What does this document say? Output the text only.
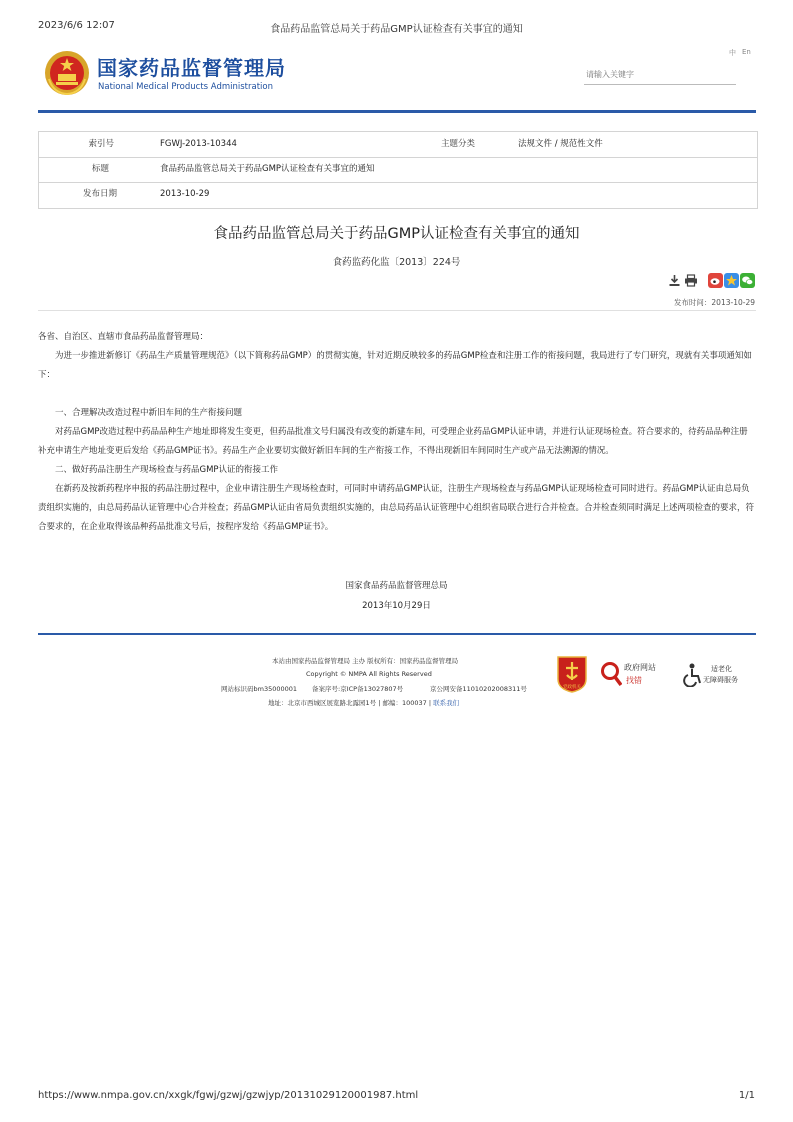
2023/6/6 12:07	食品药品监管总局关于药品GMP认证检查有关事宜的通知
国家药品监督管理局
National Medical Products Administration
中 En
请输入关键字
索引号	FGWJ-2013-10344	主题分类	法规文件 / 规范性文件
标题	食品药品监管总局关于药品GMP认证检查有关事宜的通知
发布日期	2013-10-29
食品药品监管总局关于药品GMP认证检查有关事宜的通知
食药监药化监〔2013〕224号
发布时间：2013-10-29

各省、自治区、直辖市食品药品监督管理局：

为进一步推进新修订《药品生产质量管理规范》（以下简称药品GMP）的贯彻实施，针对近期反映较多的药品GMP检查和注册工作的衔接问题，我局进行了专门研究，现就有关事项通知如下：

一、合理解决改造过程中新旧车间的生产衔接问题

对药品GMP改造过程中药品品种生产地址即将发生变更，但药品批准文号归属没有改变的新建车间，可受理企业药品GMP认证申请，并进行认证现场检查。符合要求的，待药品品种注册补充申请生产地址变更后发给《药品GMP证书》。药品生产企业要切实做好新旧车间的生产衔接工作，不得出现新旧车间同时生产或产品无法溯源的情况。

二、做好药品注册生产现场检查与药品GMP认证的衔接工作

在新药及按新药程序申报的药品注册过程中，企业申请注册生产现场检查时，可同时申请药品GMP认证，注册生产现场检查与药品GMP认证现场检查可同时进行。药品GMP认证由总局负责组织实施的，由总局药品认证管理中心合并检查；药品GMP认证由省局负责组织实施的，由总局药品认证管理中心组织省局联合进行合并检查。合并检查须同时满足上述两项检查的要求，符合要求的，在企业取得该品种药品批准文号后，按程序发给《药品GMP证书》。

国家食品药品监督管理总局
2013年10月29日
本站由国家药品监督管理局 主办 版权所有：国家药品监督管理局
Copyright © NMPA All Rights Reserved
网站标识码bm35000001 备案序号:京ICP备13027807号	京公网安备11010202008311号
地址：北京市西城区展览路北露园1号 | 邮编：100037 | 联系我们
党政机关
政府网站
找错
适老化
无障碍服务
https://www.nmpa.gov.cn/xxgk/fgwj/gzwj/gzwjyp/20131029120001987.html	1/1
